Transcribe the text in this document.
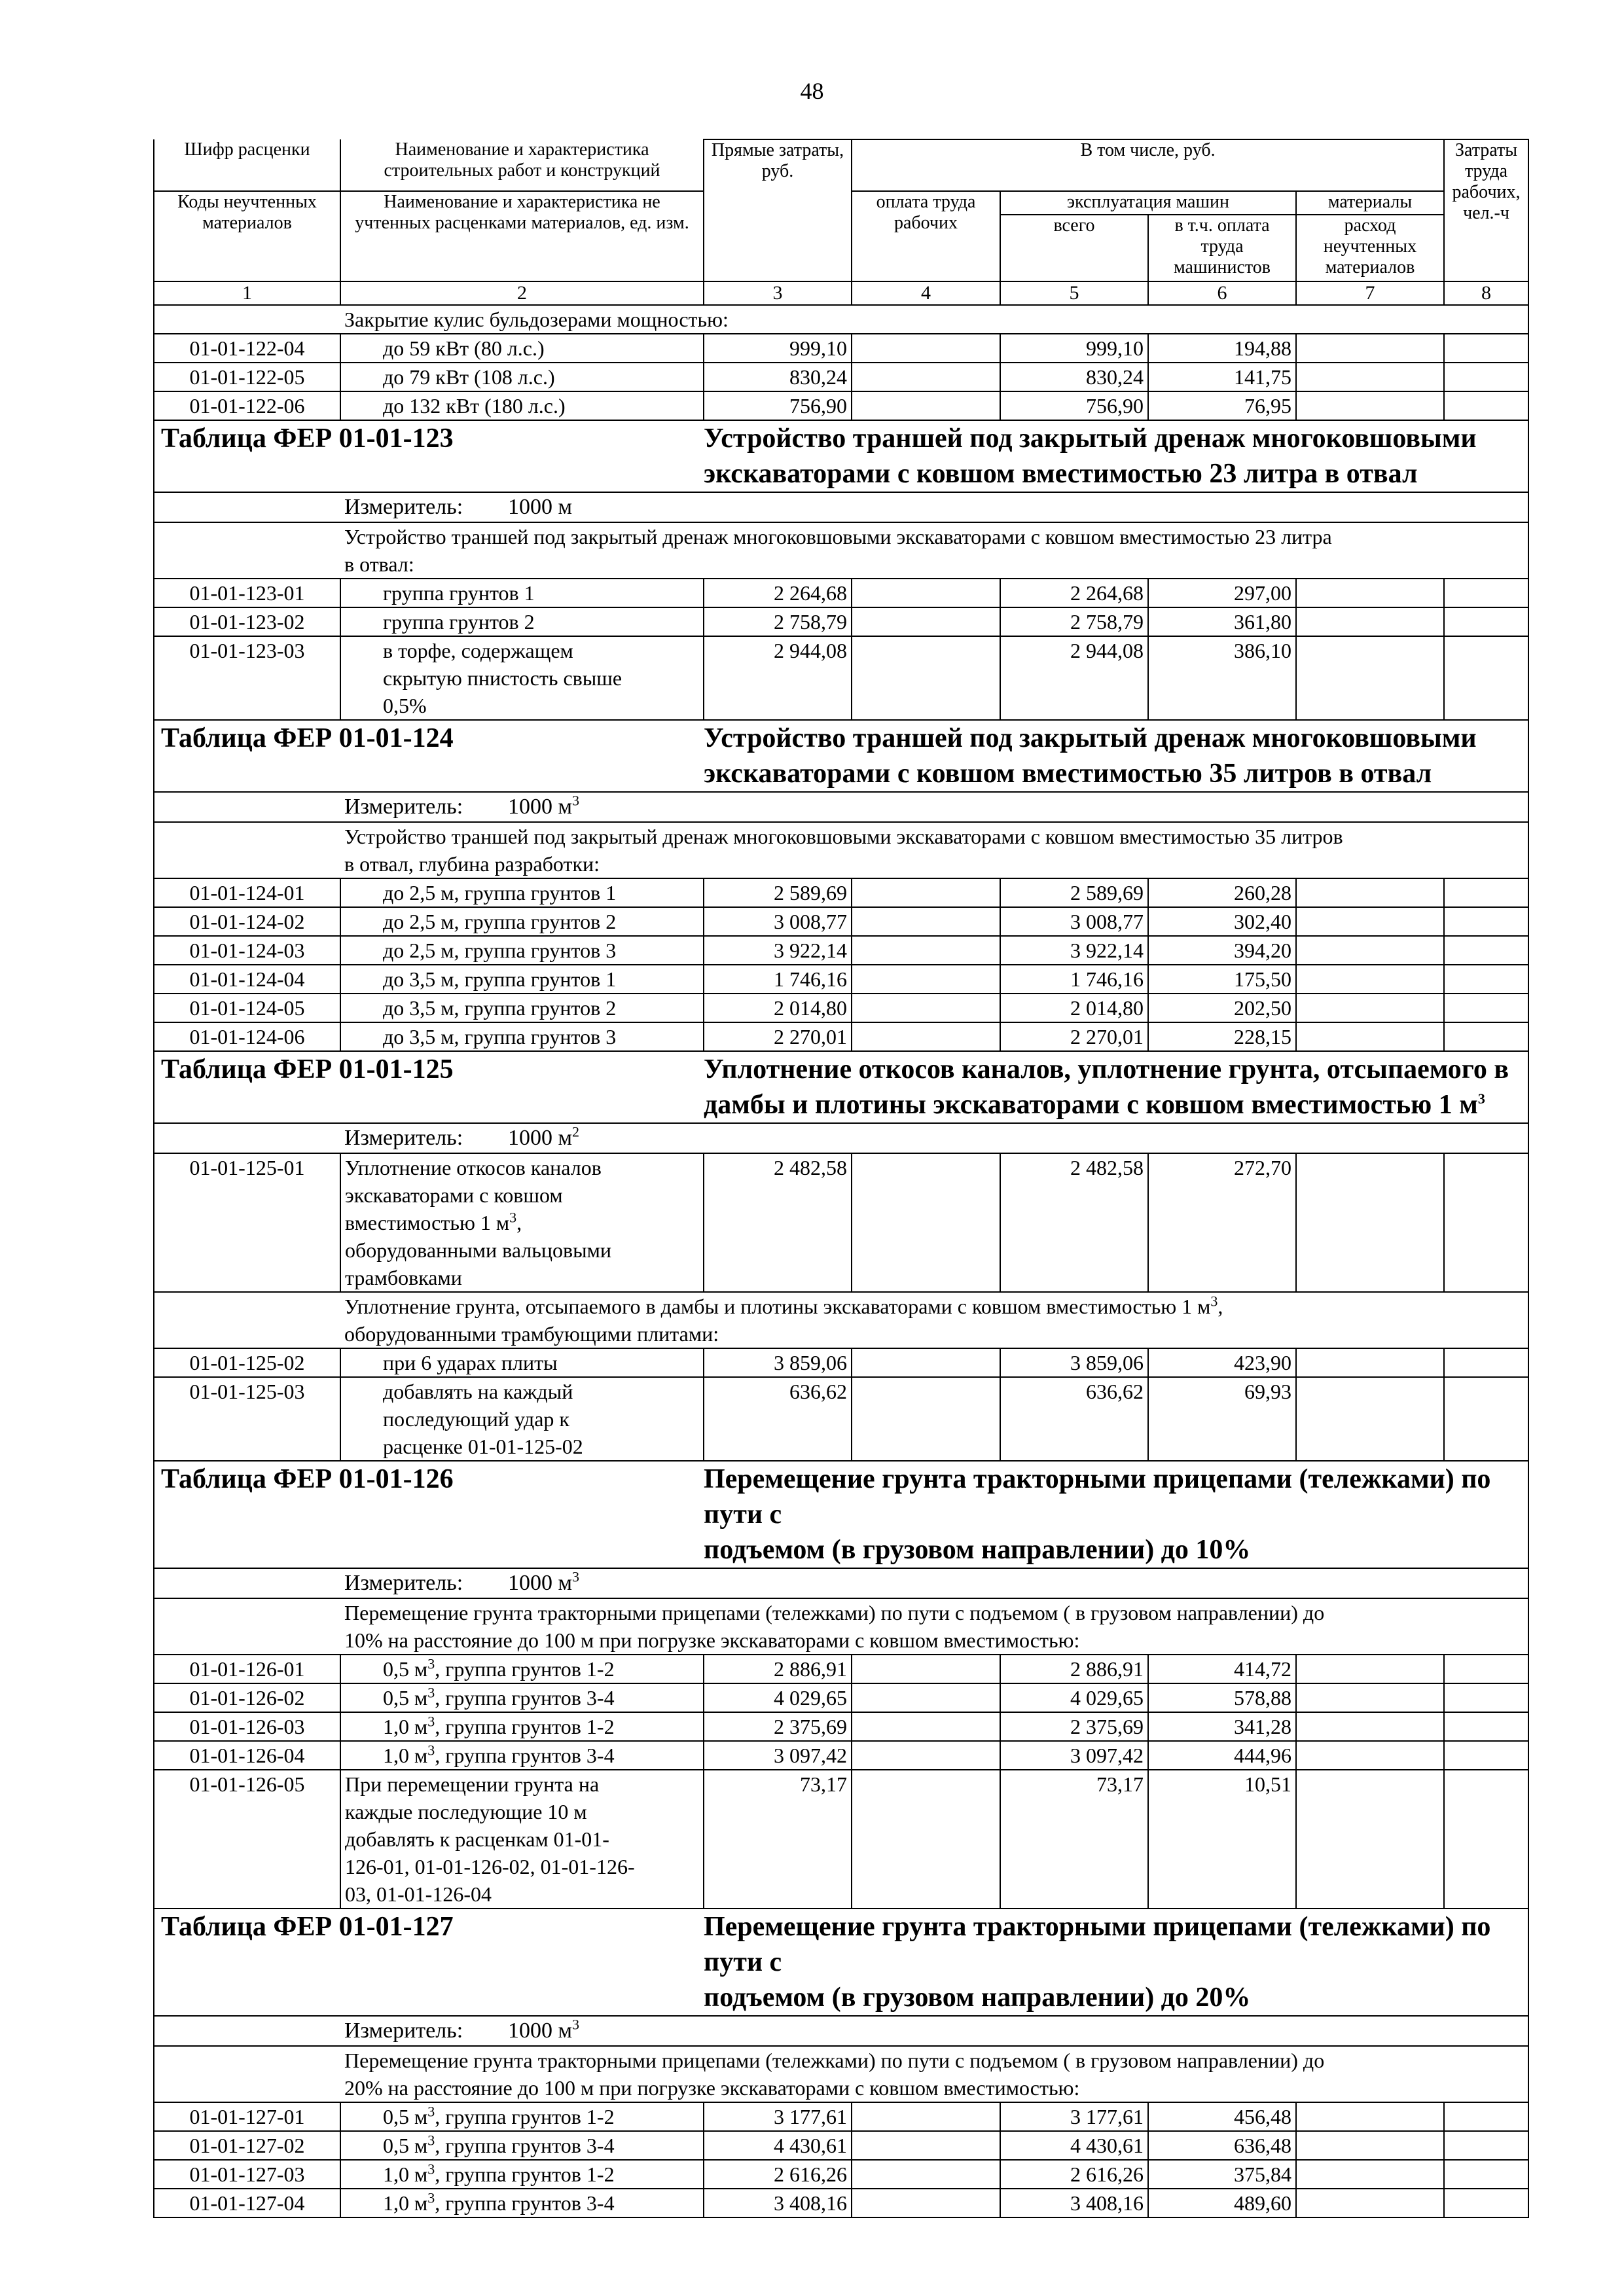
48
Шифр расценки	Наименование и характеристика строительных работ и конструкций	Прямые затраты, руб.	В том числе, руб.				Затраты труда рабочих, чел.-ч
Коды неучтенных материалов	Наименование и характеристика не учтенных расценками материалов, ед. изм.		оплата труда рабочих	эксплуатация машин		материалы	
				всего	в т.ч. оплата труда машинистов	расход неучтенных материалов	
1	2	3	4	5	6	7	8
	Закрытие кулис бульдозерами мощностью:						
01-01-122-04	до 59 кВт (80 л.с.)	999,10		999,10	194,88		
01-01-122-05	до 79 кВт (108 л.с.)	830,24		830,24	141,75		
01-01-122-06	до 132 кВт (180 л.с.)	756,90		756,90	76,95		
Таблица ФЕР 01-01-123		Устройство траншей под закрытый дренаж многоковшовыми
экскаваторами с ковшом вместимостью 23 литра в отвал					
	Измеритель: 1000 м						
	Устройство траншей под закрытый дренаж многоковшовыми экскаваторами с ковшом вместимостью 23 литра
в отвал:						
01-01-123-01	группа грунтов 1	2 264,68		2 264,68	297,00		
01-01-123-02	группа грунтов 2	2 758,79		2 758,79	361,80		
01-01-123-03	в торфе, содержащем
скрытую пнистость свыше
0,5%	2 944,08		2 944,08	386,10		
Таблица ФЕР 01-01-124		Устройство траншей под закрытый дренаж многоковшовыми
экскаваторами с ковшом вместимостью 35 литров в отвал					
	Измеритель: 1000 $м^3$
	Устройство траншей под закрытый дренаж многоковшовыми экскаваторами с ковшом вместимостью 35 литров
в отвал, глубина разработки:						
01-01-124-01	до 2,5 м, группа грунтов 1	2 589,69		2 589,69	260,28		
01-01-124-02	до 2,5 м, группа грунтов 2	3 008,77		3 008,77	302,40		
01-01-124-03	до 2,5 м, группа грунтов 3	3 922,14		3 922,14	394,20		
01-01-124-04	до 3,5 м, группа грунтов 1	1 746,16		1 746,16	175,50		
01-01-124-05	до 3,5 м, группа грунтов 2	2 014,80		2 014,80	202,50		
01-01-124-06	до 3,5 м, группа грунтов 3	2 270,01		2 270,01	228,15		
Таблица ФЕР 01-01-125		Уплотнение откосов каналов, уплотнение грунта, отсыпаемого в
дамбы и плотины экскаваторами с ковшом вместимостью 1 $м^3$
	Измеритель: 1000 $м^2$
01-01-125-01	Уплотнение откосов каналов
экскаваторами с ковшом
вместимостью 1 $м^3$,
оборудованными вальцовыми
трамбовками	2 482,58		2 482,58	272,70		
	Уплотнение грунта, отсыпаемого в дамбы и плотины экскаваторами с ковшом вместимостью 1 $м^3$,
оборудованными трамбующими плитами:						
01-01-125-02	при 6 ударах плиты	3 859,06		3 859,06	423,90		
01-01-125-03	добавлять на каждый
последующий удар к
расценке 01-01-125-02	636,62		636,62	69,93		
Таблица ФЕР 01-01-126		Перемещение грунта тракторными прицепами (тележками) по пути с
подъемом (в грузовом направлении) до 10%					
	Измеритель: 1000 $м^3$
	Перемещение грунта тракторными прицепами (тележками) по пути с подъемом ( в грузовом направлении) до
10% на расстояние до 100 м при погрузке экскаваторами с ковшом вместимостью:						
01-01-126-01	0,5 $м^3$, группа грунтов 1-2	2 886,91		2 886,91	414,72		
01-01-126-02	0,5 $м^3$, группа грунтов 3-4	4 029,65		4 029,65	578,88		
01-01-126-03	1,0 $м^3$, группа грунтов 1-2	2 375,69		2 375,69	341,28		
01-01-126-04	1,0 $м^3$, группа грунтов 3-4	3 097,42		3 097,42	444,96		
01-01-126-05	При перемещении грунта на
каждые последующие 10 м
добавлять к расценкам 01-01-
126-01, 01-01-126-02, 01-01-126-
03, 01-01-126-04	73,17		73,17	10,51		
Таблица ФЕР 01-01-127		Перемещение грунта тракторными прицепами (тележками) по пути с
подъемом (в грузовом направлении) до 20%					
	Измеритель: 1000 $м^3$
	Перемещение грунта тракторными прицепами (тележками) по пути с подъемом ( в грузовом направлении) до
20% на расстояние до 100 м при погрузке экскаваторами с ковшом вместимостью:						
01-01-127-01	0,5 $м^3$, группа грунтов 1-2	3 177,61		3 177,61	456,48		
01-01-127-02	0,5 $м^3$, группа грунтов 3-4	4 430,61		4 430,61	636,48		
01-01-127-03	1,0 $м^3$, группа грунтов 1-2	2 616,26		2 616,26	375,84		
01-01-127-04	1,0 $м^3$, группа грунтов 3-4	3 408,16		3 408,16	489,60		
